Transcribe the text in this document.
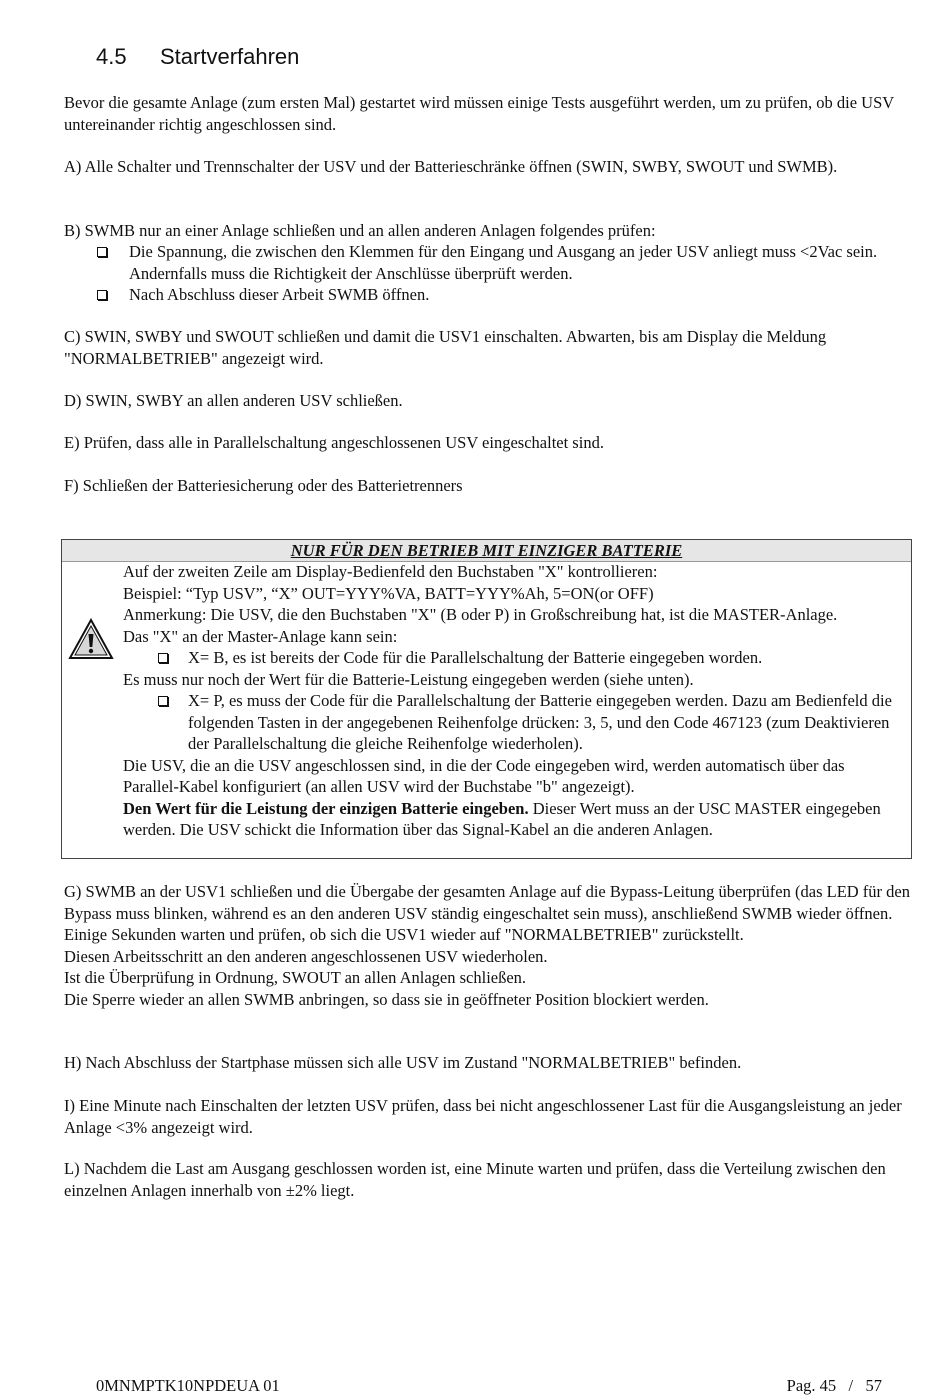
4.5 Startverfahren

Bevor die gesamte Anlage (zum ersten Mal) gestartet wird müssen einige Tests ausgeführt werden, um zu prüfen, ob die USV untereinander richtig angeschlossen sind.

A) Alle Schalter und Trennschalter der USV und der Batterieschränke öffnen (SWIN, SWBY, SWOUT und SWMB).

B) SWMB nur an einer Anlage schließen und an allen anderen Anlagen folgendes prüfen:

Die Spannung, die zwischen den Klemmen für den Eingang und Ausgang an jeder USV anliegt muss <2Vac sein. Andernfalls muss die Richtigkeit der Anschlüsse überprüft werden.
Nach Abschluss dieser Arbeit SWMB öffnen.

C) SWIN, SWBY und SWOUT schließen und damit die USV1 einschalten. Abwarten, bis am Display die Meldung "NORMALBETRIEB" angezeigt wird.

D) SWIN, SWBY an allen anderen USV schließen.

E) Prüfen, dass alle in Parallelschaltung angeschlossenen USV eingeschaltet sind.

F) Schließen der Batteriesicherung oder des Batterietrenners

NUR FÜR DEN BETRIEB MIT EINZIGER BATTERIE
Auf der zweiten Zeile am Display-Bedienfeld den Buchstaben "X" kontrollieren:
Beispiel: “Typ USV”, “X” OUT=YYY%VA, BATT=YYY%Ah, 5=ON(or OFF)
Anmerkung: Die USV, die den Buchstaben "X" (B oder P) in Großschreibung hat, ist die MASTER-Anlage.
Das "X" an der Master-Anlage kann sein:
X= B, es ist bereits der Code für die Parallelschaltung der Batterie eingegeben worden.
Es muss nur noch der Wert für die Batterie-Leistung eingegeben werden (siehe unten).
X= P, es muss der Code für die Parallelschaltung der Batterie eingegeben werden. Dazu am Bedienfeld die folgenden Tasten in der angegebenen Reihenfolge drücken: 3, 5, und den Code 467123 (zum Deaktivieren der Parallelschaltung die gleiche Reihenfolge wiederholen).
Die USV, die an die USV angeschlossen sind, in die der Code eingegeben wird, werden automatisch über das Parallel-Kabel konfiguriert (an allen USV wird der Buchstabe "b" angezeigt).
Den Wert für die Leistung der einzigen Batterie eingeben. Dieser Wert muss an der USC MASTER eingegeben werden. Die USV schickt die Information über das Signal-Kabel an die anderen Anlagen.
G) SWMB an der USV1 schließen und die Übergabe der gesamten Anlage auf die Bypass-Leitung überprüfen (das LED für den Bypass muss blinken, während es an den anderen USV ständig eingeschaltet sein muss), anschließend SWMB wieder öffnen. Einige Sekunden warten und prüfen, ob sich die USV1 wieder auf "NORMALBETRIEB" zurückstellt.
Diesen Arbeitsschritt an den anderen angeschlossenen USV wiederholen.
Ist die Überprüfung in Ordnung, SWOUT an allen Anlagen schließen.
Die Sperre wieder an allen SWMB anbringen, so dass sie in geöffneter Position blockiert werden.

H) Nach Abschluss der Startphase müssen sich alle USV im Zustand "NORMALBETRIEB" befinden.

I) Eine Minute nach Einschalten der letzten USV prüfen, dass bei nicht angeschlossener Last für die Ausgangsleistung an jeder Anlage <3% angezeigt wird.

L) Nachdem die Last am Ausgang geschlossen worden ist, eine Minute warten und prüfen, dass die Verteilung zwischen den einzelnen Anlagen innerhalb von ±2% liegt.

0MNMPTK10NPDEUA 01	Pag. 45   /   57
